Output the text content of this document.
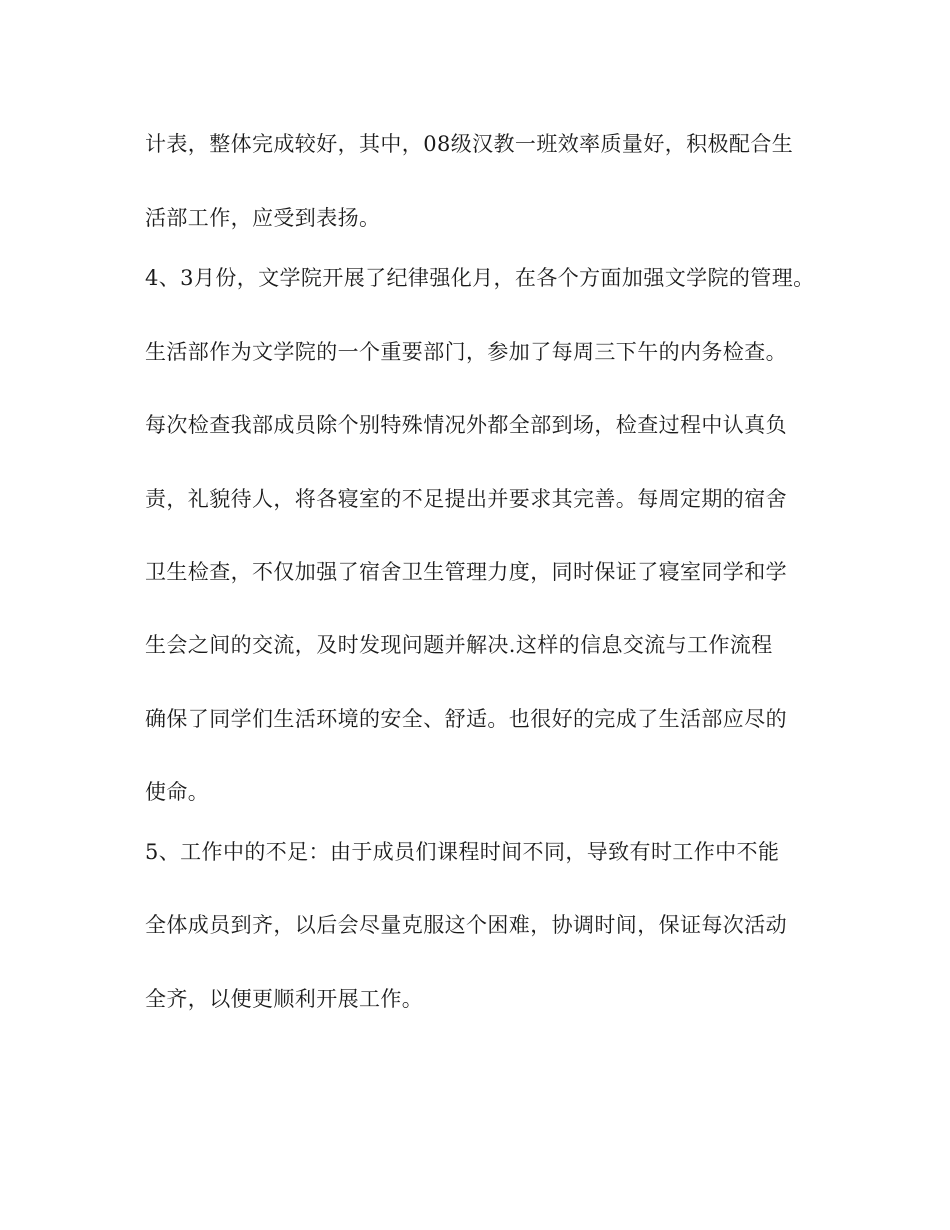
计表，整体完成较好，其中，08级汉教一班效率质量好，积极配合生
活部工作，应受到表扬。
4、3月份，文学院开展了纪律强化月，在各个方面加强文学院的管理。
生活部作为文学院的一个重要部门，参加了每周三下午的内务检查。
每次检查我部成员除个别特殊情况外都全部到场，检查过程中认真负
责，礼貌待人，将各寝室的不足提出并要求其完善。每周定期的宿舍
卫生检查，不仅加强了宿舍卫生管理力度，同时保证了寝室同学和学
生会之间的交流，及时发现问题并解决.这样的信息交流与工作流程
确保了同学们生活环境的安全、舒适。也很好的完成了生活部应尽的
使命。
5、工作中的不足：由于成员们课程时间不同，导致有时工作中不能
全体成员到齐，以后会尽量克服这个困难，协调时间，保证每次活动
全齐，以便更顺利开展工作。
